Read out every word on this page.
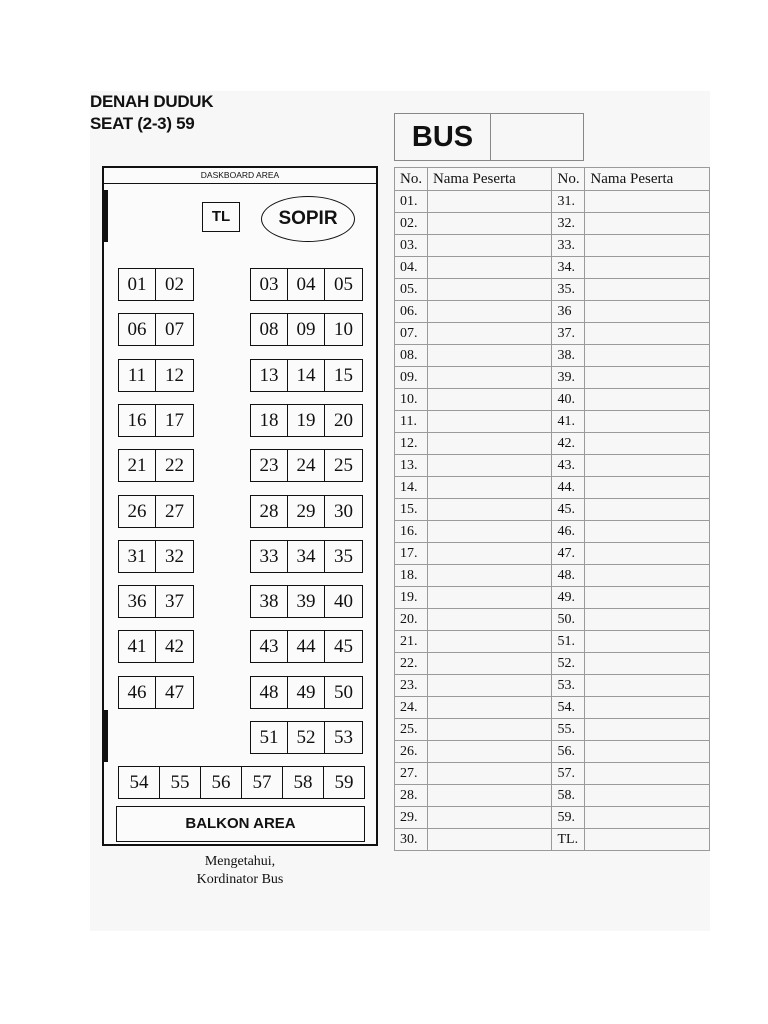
DENAH DUDUK
SEAT (2-3) 59
DASKBOARD AREA
TL	SOPIR
01 02
06 07
11 12
16 17
21 22
26 27
31 32
36 37
41 42
46 47
03 04 05
08 09 10
13 14 15
18 19 20
23 24 25
28 29 30
33 34 35
38 39 40
43 44 45
48 49 50
51 52 53
54	55	56	57	58	59
BALKON AREA
Mengetahui,
Kordinator Bus
BUS
No.	Nama Peserta	No.	Nama Peserta
01.		31.	
02.		32.	
03.		33.	
04.		34.	
05.		35.	
06.		36	
07.		37.	
08.		38.	
09.		39.	
10.		40.	
11.		41.	
12.		42.	
13.		43.	
14.		44.	
15.		45.	
16.		46.	
17.		47.	
18.		48.	
19.		49.	
20.		50.	
21.		51.	
22.		52.	
23.		53.	
24.		54.	
25.		55.	
26.		56.	
27.		57.	
28.		58.	
29.		59.	
30.		TL.	
